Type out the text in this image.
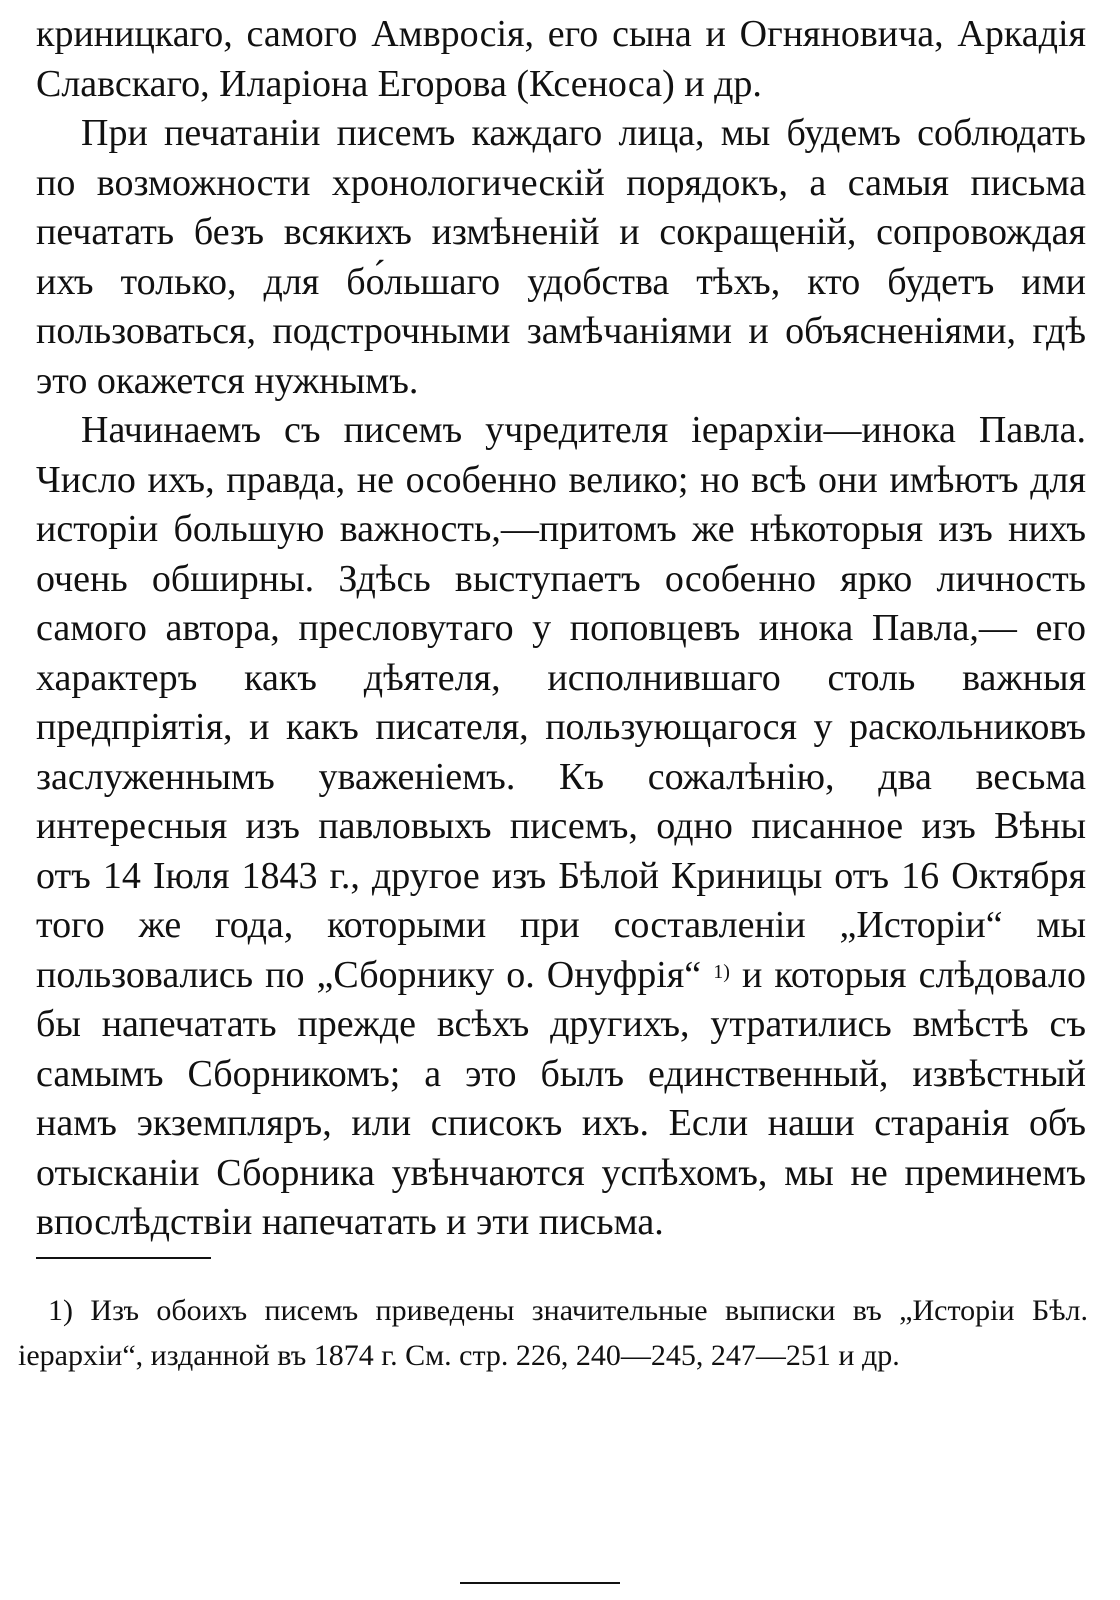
криницкаго, самого Амвросія, его сына и Огняновича, Аркадія Славскаго, Иларіона Егорова (Ксеноса) и др.

При печатаніи писемъ каждаго лица, мы будемъ соблюдать по возможности хронологическій порядокъ, а самыя письма печатать безъ всякихъ измѣненій и сокращеній, сопровождая ихъ только, для бо́льшаго удобства тѣхъ, кто будетъ ими пользоваться, подстрочными замѣчаніями и объясненіями, гдѣ это окажется нужнымъ.

Начинаемъ съ писемъ учредителя іерархіи—инока Павла. Число ихъ, правда, не особенно велико; но всѣ они имѣютъ для исторіи большую важность,—притомъ же нѣкоторыя изъ нихъ очень обширны. Здѣсь выступаетъ особенно ярко личность самого автора, пресловутаго у поповцевъ инока Павла,— его характеръ какъ дѣятеля, исполнившаго столь важныя предпріятія, и какъ писателя, пользующагося у раскольниковъ заслуженнымъ уваженіемъ. Къ сожалѣнію, два весьма интересныя изъ павловыхъ писемъ, одно писанное изъ Вѣны отъ 14 Іюля 1843 г., другое изъ Бѣлой Криницы отъ 16 Октября того же года, которыми при составленіи „Исторіи“ мы пользовались по „Сборнику о. Онуфрія“ $^{1)}$ и которыя слѣдовало бы напечатать прежде всѣхъ другихъ, утратились вмѣстѣ съ самымъ Сборникомъ; а это былъ единственный, извѣстный намъ экземпляръ, или списокъ ихъ. Если наши старанія объ отысканіи Сборника увѣнчаются успѣхомъ, мы не преминемъ впослѣдствіи напечатать и эти письма.

1) Изъ обоихъ писемъ приведены значительные выписки въ „Исторіи Бѣл. іерархіи“, изданной въ 1874 г. См. стр. 226, 240—245, 247—251 и др.
